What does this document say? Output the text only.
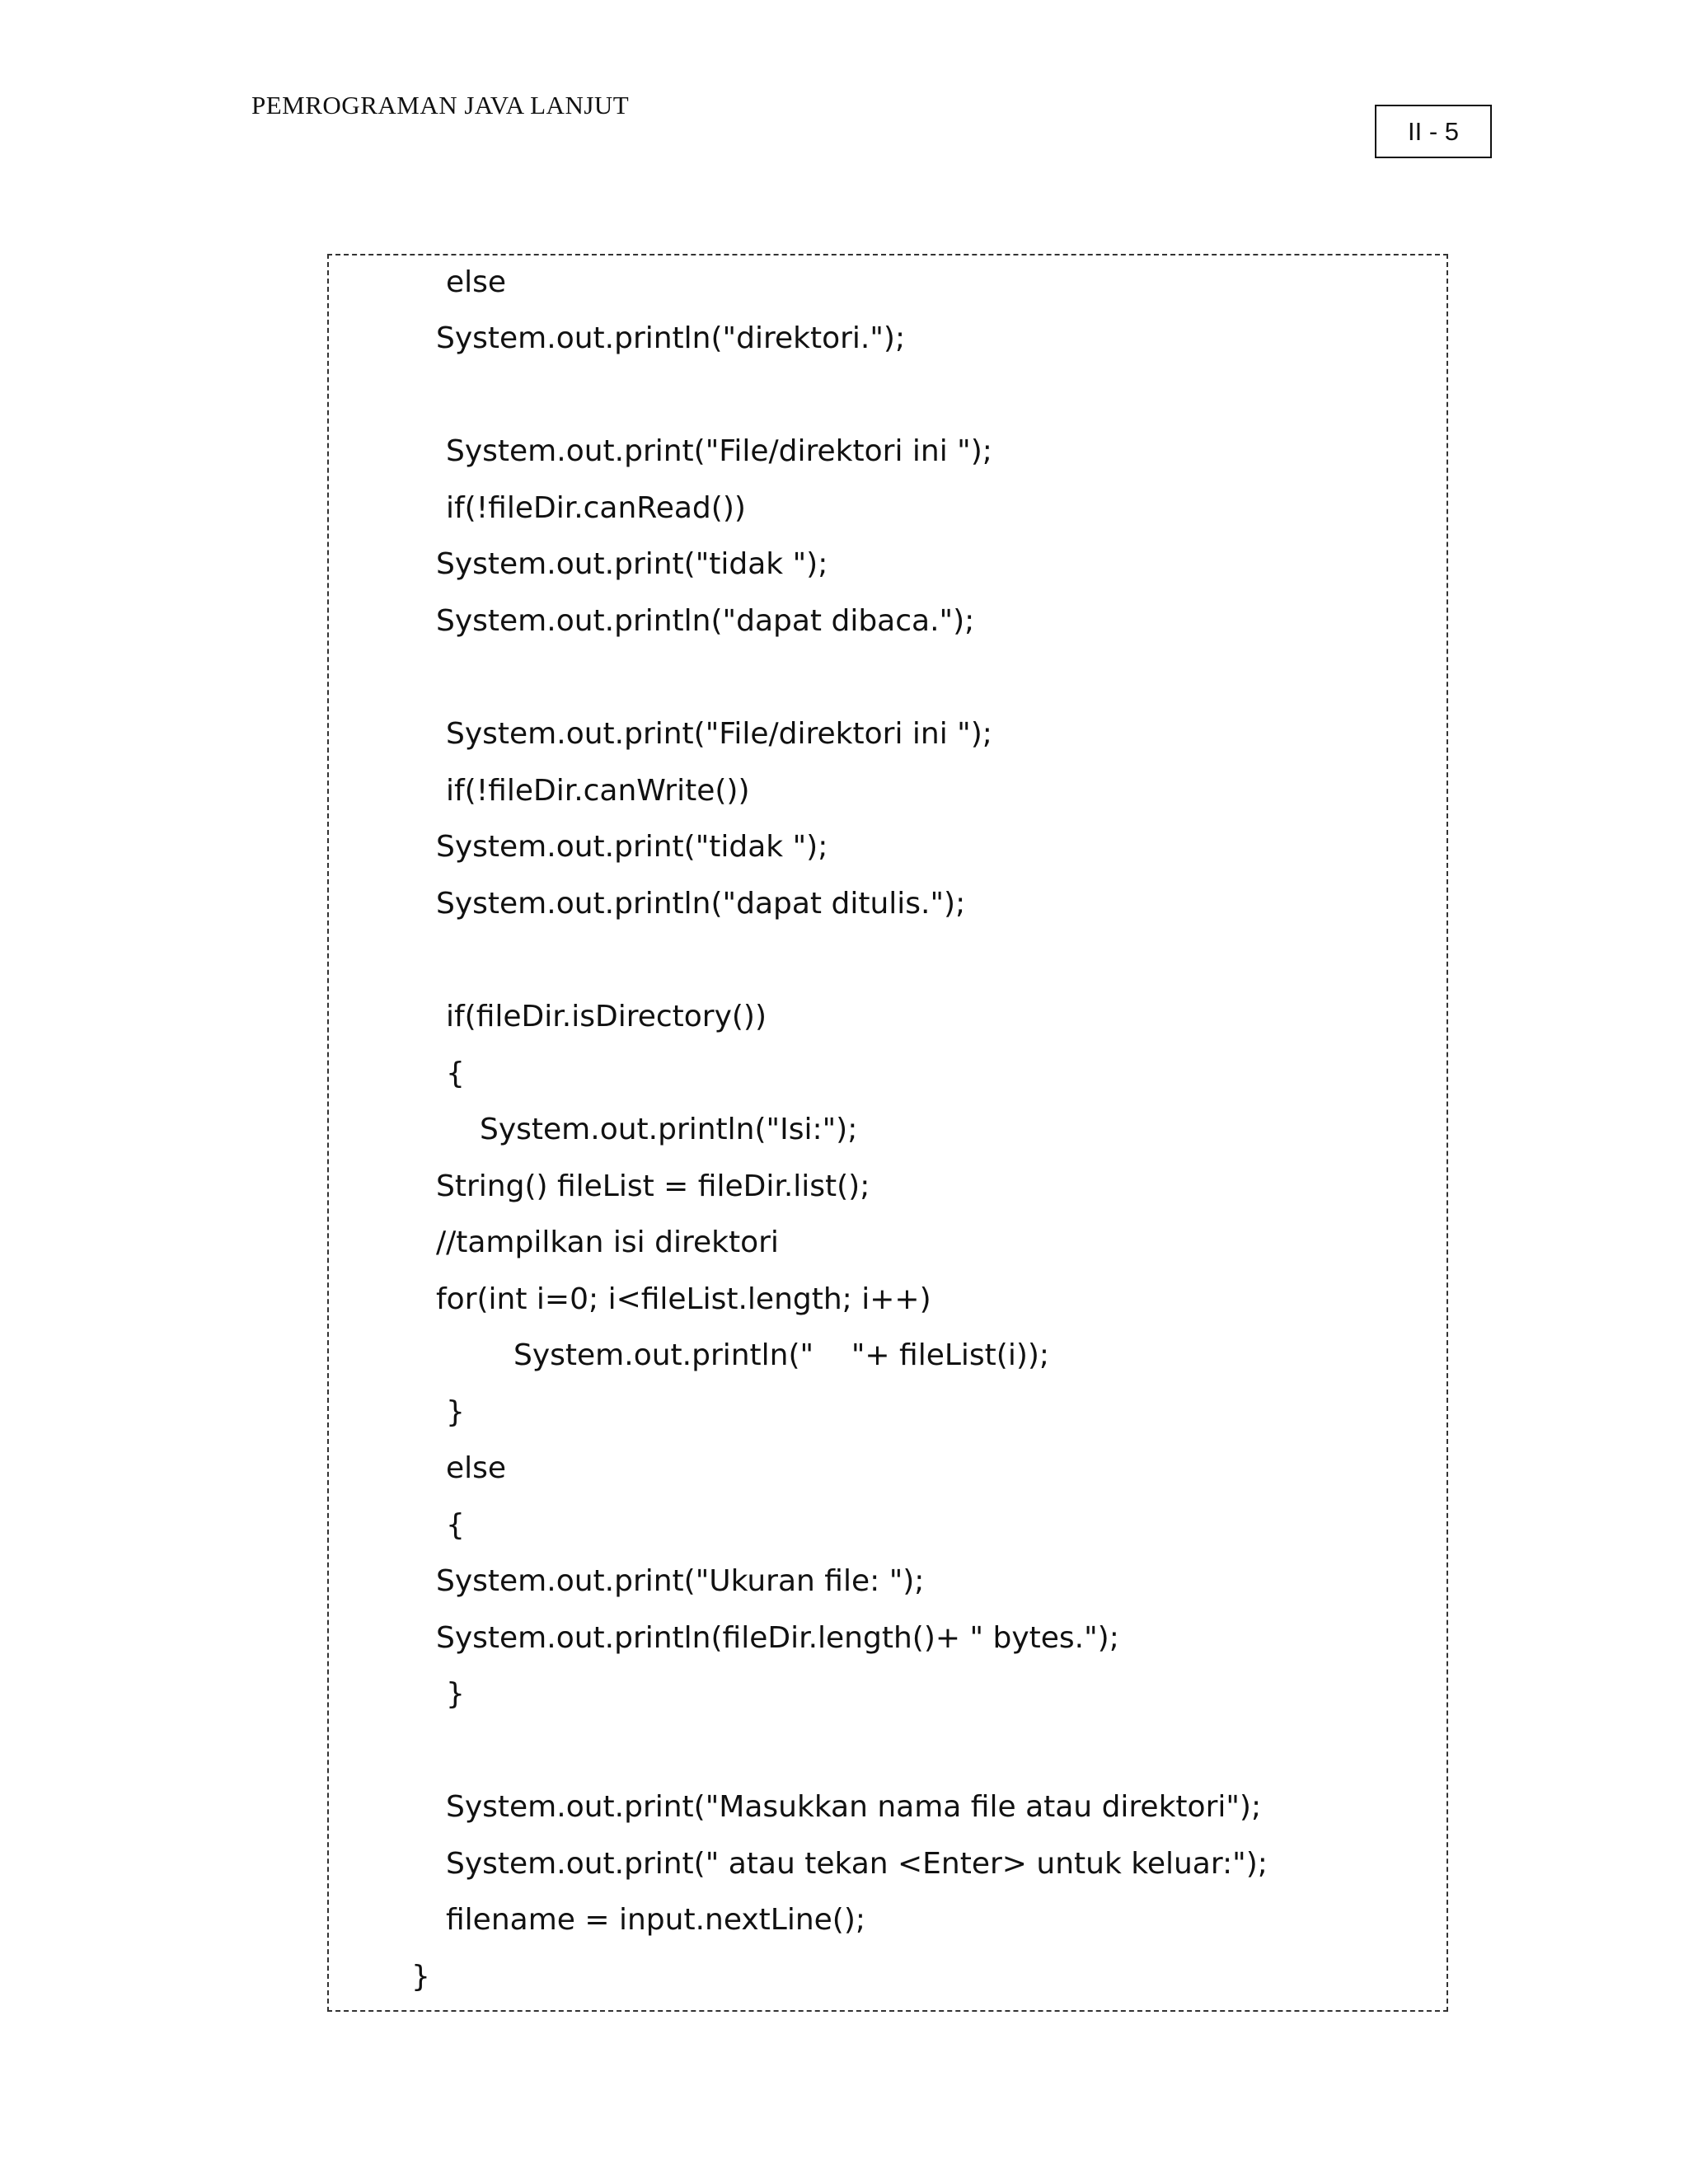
PEMROGRAMAN JAVA LANJUT
II - 5
else
System.out.println("direktori.");
System.out.print("File/direktori ini ");
if(!fileDir.canRead())
System.out.print("tidak ");
System.out.println("dapat dibaca.");
System.out.print("File/direktori ini ");
if(!fileDir.canWrite())
System.out.print("tidak ");
System.out.println("dapat ditulis.");
if(fileDir.isDirectory())
{
System.out.println("Isi:");
String() fileList = fileDir.list();
//tampilkan isi direktori
for(int i=0; i<fileList.length; i++)
System.out.println("    "+ fileList(i));
}
else
{
System.out.print("Ukuran file: ");
System.out.println(fileDir.length()+ " bytes.");
}
System.out.print("Masukkan nama file atau direktori");
System.out.print(" atau tekan <Enter> untuk keluar:");
filename = input.nextLine();
}
